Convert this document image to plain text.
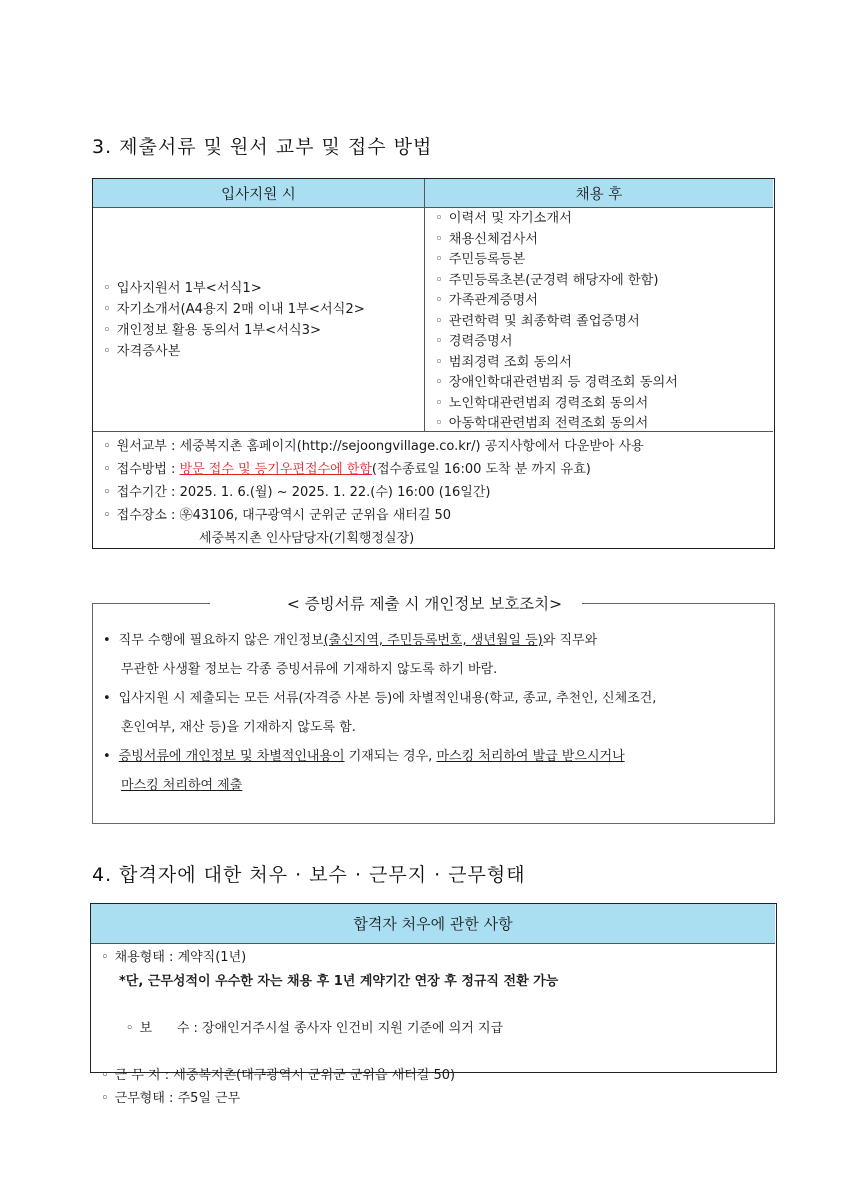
3. 제출서류 및 원서 교부 및 접수 방법
입사지원 시	채용 후
◦ 입사지원서 1부<서식1>
◦ 자기소개서(A4용지 2매 이내 1부<서식2>
◦ 개인정보 활용 동의서 1부<서식3>
◦ 자격증사본
◦ 이력서 및 자기소개서
◦ 채용신체검사서
◦ 주민등록등본
◦ 주민등록초본(군경력 해당자에 한함)
◦ 가족관계증명서
◦ 관련학력 및 최종학력 졸업증명서
◦ 경력증명서
◦ 범죄경력 조회 동의서
◦ 장애인학대관련범죄 등 경력조회 동의서
◦ 노인학대관련범죄 경력조회 동의서
◦ 아동학대관련범죄 전력조회 동의서
◦ 원서교부 : 세중복지촌 홈페이지(http://sejoongvillage.co.kr/) 공지사항에서 다운받아 사용
◦ 접수방법 : 방문 접수 및 등기우편접수에 한함(접수종료일 16:00 도착 분 까지 유효)
◦ 접수기간 : 2025. 1. 6.(월) ~ 2025. 1. 22.(수) 16:00 (16일간)
◦ 접수장소 : ㉾43106, 대구광역시 군위군 군위읍 새터길 50
세중복지촌 인사담당자(기획행정실장)
< 증빙서류 제출 시 개인정보 보호조치>
• 직무 수행에 필요하지 않은 개인정보(출신지역, 주민등록번호, 생년월일 등)와 직무와
무관한 사생활 정보는 각종 증빙서류에 기재하지 않도록 하기 바람.
• 입사지원 시 제출되는 모든 서류(자격증 사본 등)에 차별적인내용(학교, 종교, 추천인, 신체조건,
혼인여부, 재산 등)을 기재하지 않도록 함.
• 증빙서류에 개인정보 및 차별적인내용이 기재되는 경우, 마스킹 처리하여 발급 받으시거나
마스킹 처리하여 제출
4. 합격자에 대한 처우 · 보수 · 근무지 · 근무형태
합격자 처우에 관한 사항
◦ 채용형태 : 계약직(1년)
*단, 근무성적이 우수한 자는 채용 후 1년 계약기간 연장 후 정규직 전환 가능

◦ 보      수 : 장애인거주시설 종사자 인건비 지원 기준에 의거 지급

◦ 근 무 지 : 세중복지촌(대구광역시 군위군 군위읍 새터길 50)
◦ 근무형태 : 주5일 근무
